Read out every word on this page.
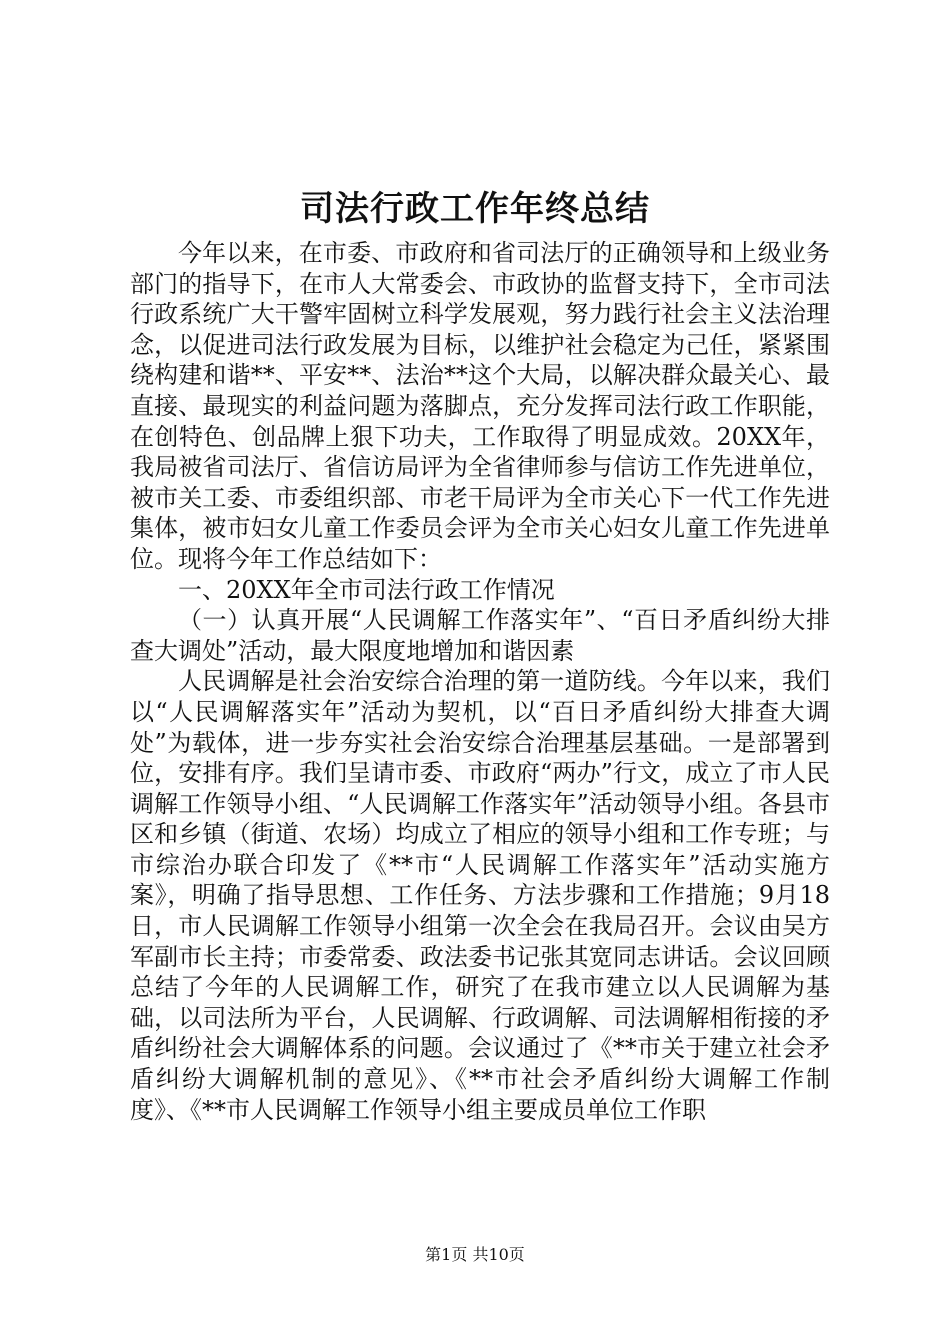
司法行政工作年终总结

今年以来，在市委、市政府和省司法厅的正确领导和上级业务部门的指导下，在市人大常委会、市政协的监督支持下，全市司法行政系统广大干警牢固树立科学发展观，努力践行社会主义法治理念，以促进司法行政发展为目标，以维护社会稳定为己任，紧紧围绕构建和谐**、平安**、法治**这个大局，以解决群众最关心、最直接、最现实的利益问题为落脚点，充分发挥司法行政工作职能，在创特色、创品牌上狠下功夫，工作取得了明显成效。20XX年，我局被省司法厅、省信访局评为全省律师参与信访工作先进单位，被市关工委、市委组织部、市老干局评为全市关心下一代工作先进集体，被市妇女儿童工作委员会评为全市关心妇女儿童工作先进单位。现将今年工作总结如下：

一、20XX年全市司法行政工作情况

（一）认真开展“人民调解工作落实年”、“百日矛盾纠纷大排查大调处”活动，最大限度地增加和谐因素

人民调解是社会治安综合治理的第一道防线。今年以来，我们以“人民调解落实年”活动为契机，以“百日矛盾纠纷大排查大调处”为载体，进一步夯实社会治安综合治理基层基础。一是部署到位，安排有序。我们呈请市委、市政府“两办”行文，成立了市人民调解工作领导小组、“人民调解工作落实年”活动领导小组。各县市区和乡镇（街道、农场）均成立了相应的领导小组和工作专班；与市综治办联合印发了《**市“人民调解工作落实年”活动实施方案》，明确了指导思想、工作任务、方法步骤和工作措施；9月18日，市人民调解工作领导小组第一次全会在我局召开。会议由吴方军副市长主持；市委常委、政法委书记张其宽同志讲话。会议回顾总结了今年的人民调解工作，研究了在我市建立以人民调解为基础，以司法所为平台，人民调解、行政调解、司法调解相衔接的矛盾纠纷社会大调解体系的问题。会议通过了《**市关于建立社会矛盾纠纷大调解机制的意见》、《**市社会矛盾纠纷大调解工作制度》、《**市人民调解工作领导小组主要成员单位工作职

第1页 共10页
